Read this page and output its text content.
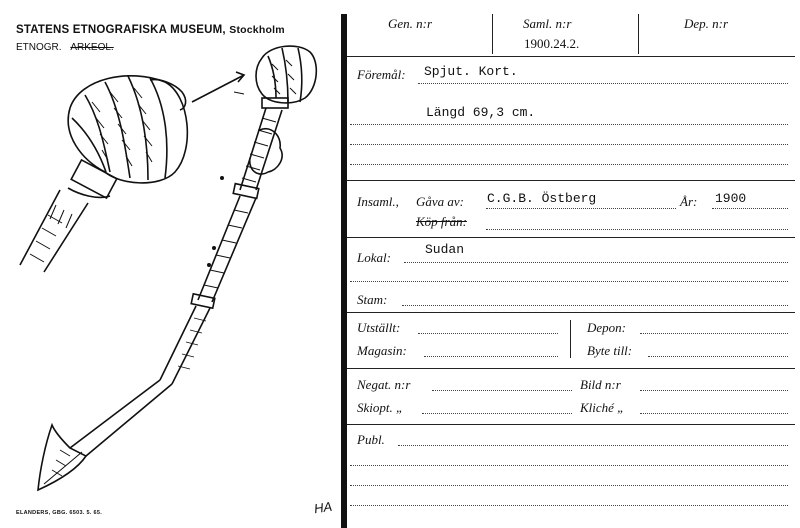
STATENS ETNOGRAFISKA MUSEUM, Stockholm
ETNOGR. ARKEOL.
ELANDERS, GBG. 6503. 5. 65.	HA
Gen. n:r	Saml. n:r
1900.24.2.
Dep. n:r
Föremål: Spjut. Kort.
Längd 69,3 cm.
Insaml., Gåva av: C.G.B. Östberg	År: 1900
Köp från:
Lokal:
Sudan
Stam:
Utställt:	Depon:
Magasin:	Byte till:
Negat. n:r	Bild n:r
Skiopt. „	Kliché „
Publ.
